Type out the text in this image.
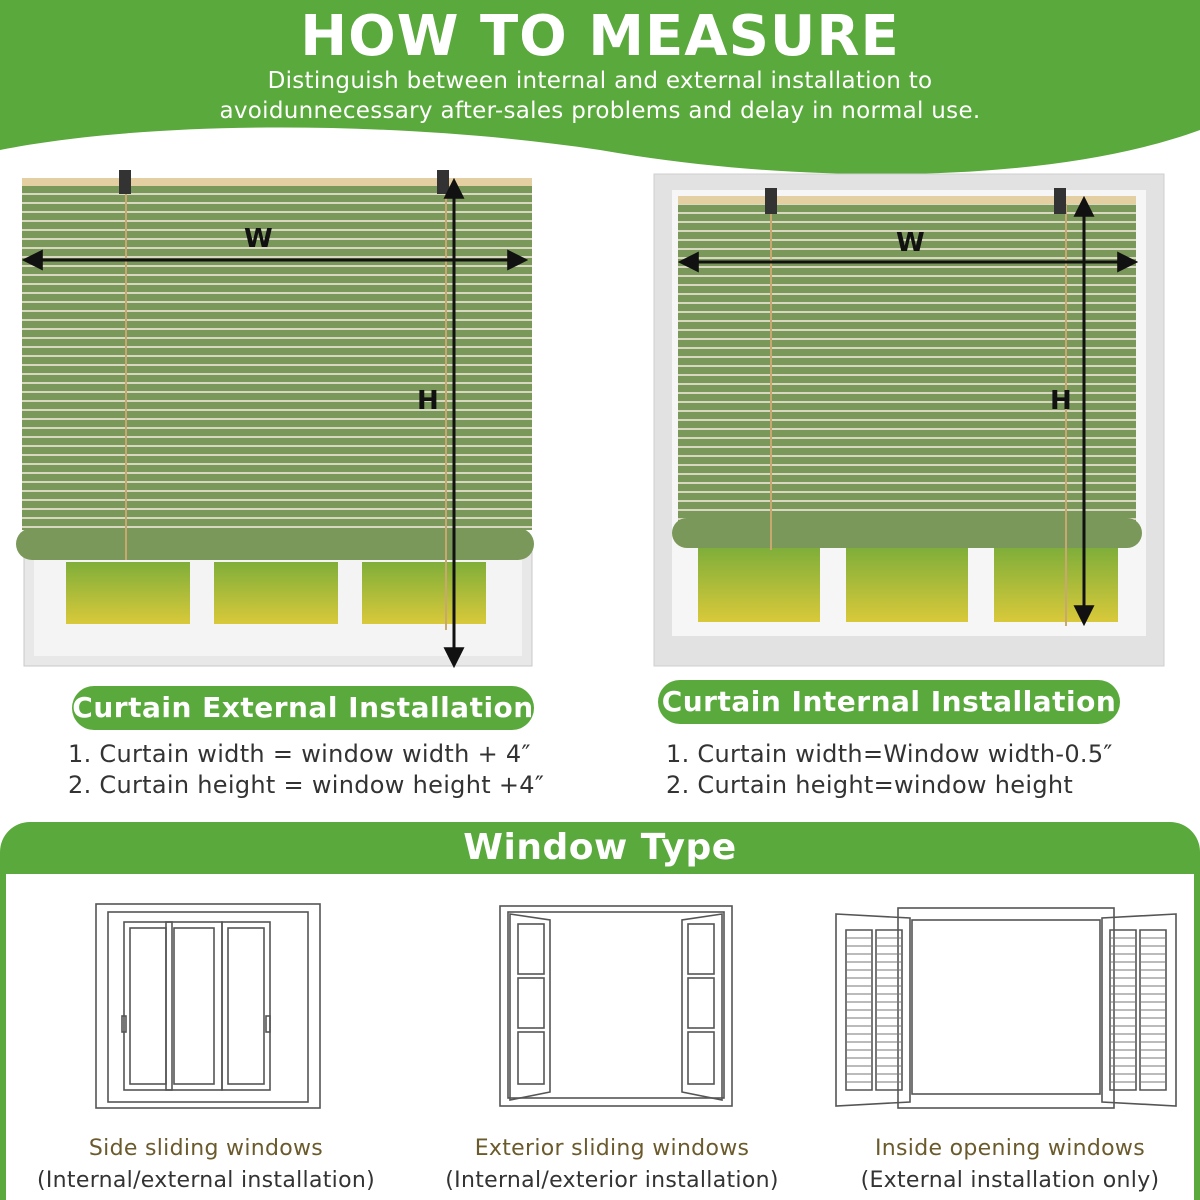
HOW TO MEASURE
Distinguish between internal and external installation to
avoidunnecessary after-sales problems and delay in normal use.
W
H
W
H
Curtain External Installation	Curtain Internal Installation
1. Curtain width = window width + 4″
2. Curtain height = window height +4″
1. Curtain width=Window width-0.5″
2. Curtain height=window height
Window Type
Side sliding windows
(Internal/external installation)
Exterior sliding windows
(Internal/exterior installation)
Inside opening windows
(External installation only)
